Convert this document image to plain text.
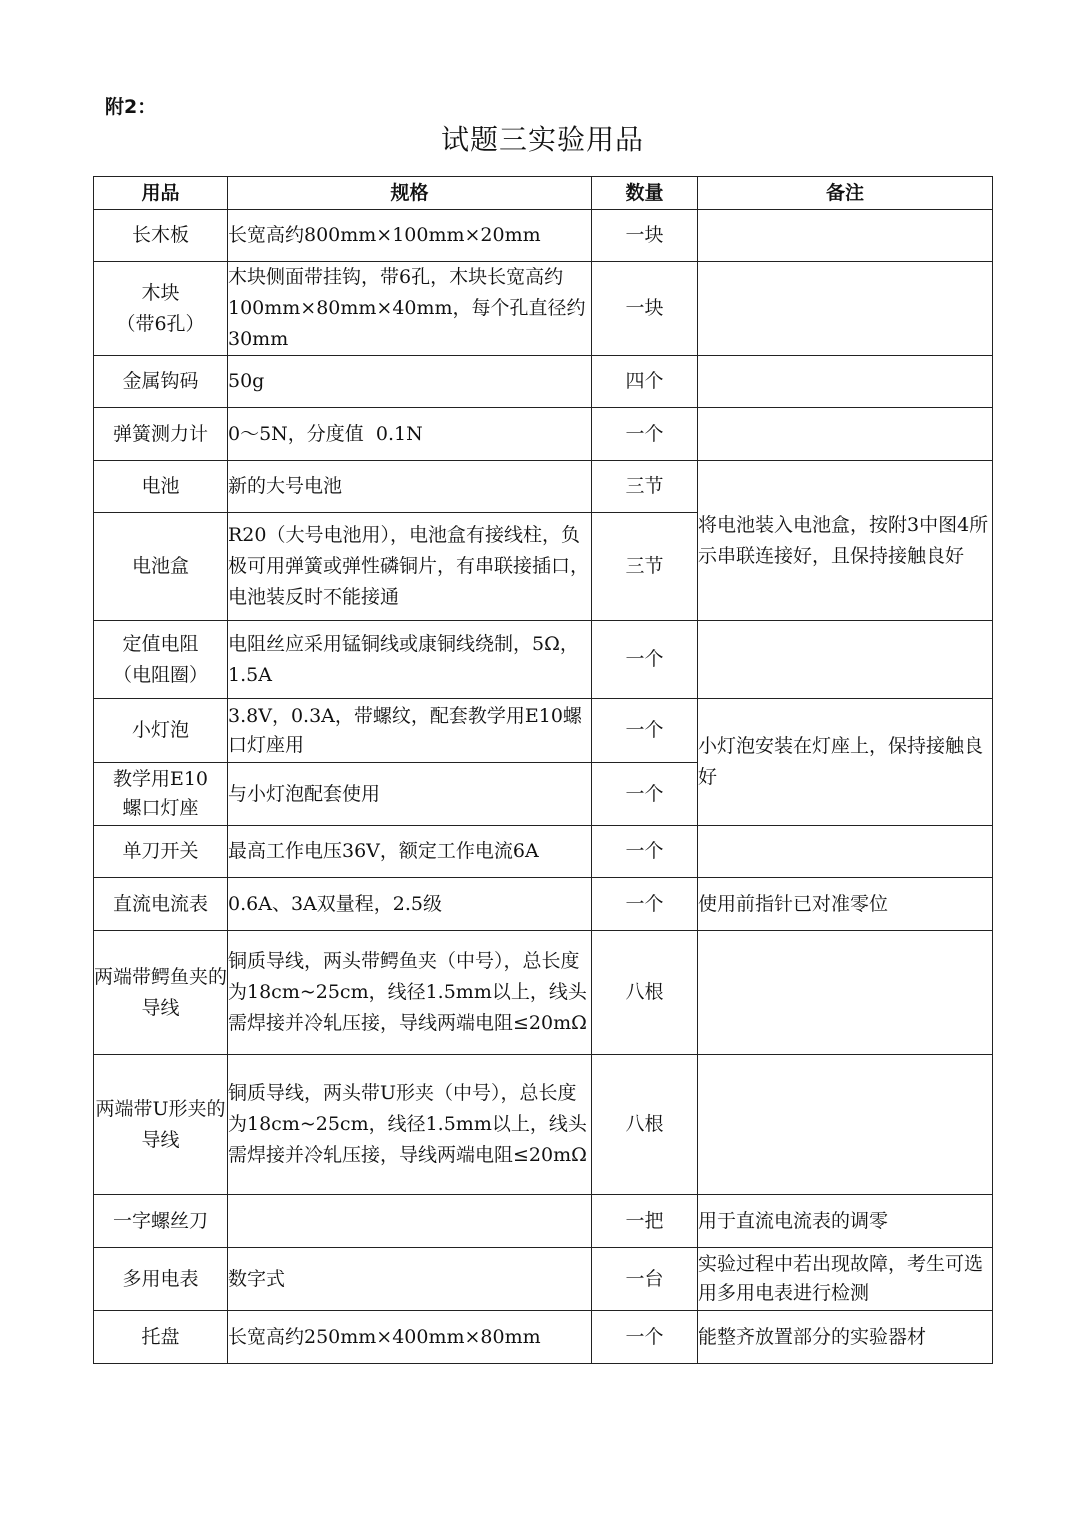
附2：
试题三实验用品
用品	规格	数量	备注
长木板	长宽高约800mm×100mm×20mm	一块	
木块
（带6孔）	木块侧面带挂钩，带6孔，木块长宽高约100mm×80mm×40mm，每个孔直径约30mm	一块	
金属钩码	50g	四个	
弹簧测力计	0～5N，分度值  0.1N	一个	
电池	新的大号电池	三节	将电池装入电池盒，按附3中图4所示串联连接好，且保持接触良好
电池盒	R20（大号电池用），电池盒有接线柱，负极可用弹簧或弹性磷铜片，有串联接插口，电池装反时不能接通	三节	
定值电阻
（电阻圈）	电阻丝应采用锰铜线或康铜线绕制，5Ω，1.5A	一个	
小灯泡	3.8V，0.3A，带螺纹，配套教学用E10螺口灯座用	一个	小灯泡安装在灯座上，保持接触良好
教学用E10
螺口灯座	与小灯泡配套使用	一个	
单刀开关	最高工作电压36V，额定工作电流6A	一个	
直流电流表	0.6A、3A双量程，2.5级	一个	使用前指针已对准零位
两端带鳄鱼夹的导线	铜质导线，两头带鳄鱼夹（中号），总长度为18cm~25cm，线径1.5mm以上，线头需焊接并冷轧压接，导线两端电阻≤20mΩ	八根	
两端带U形夹的导线	铜质导线，两头带U形夹（中号），总长度为18cm~25cm，线径1.5mm以上，线头需焊接并冷轧压接，导线两端电阻≤20mΩ	八根	
一字螺丝刀		一把	用于直流电流表的调零
多用电表	数字式	一台	实验过程中若出现故障，考生可选用多用电表进行检测
托盘	长宽高约250mm×400mm×80mm	一个	能整齐放置部分的实验器材
